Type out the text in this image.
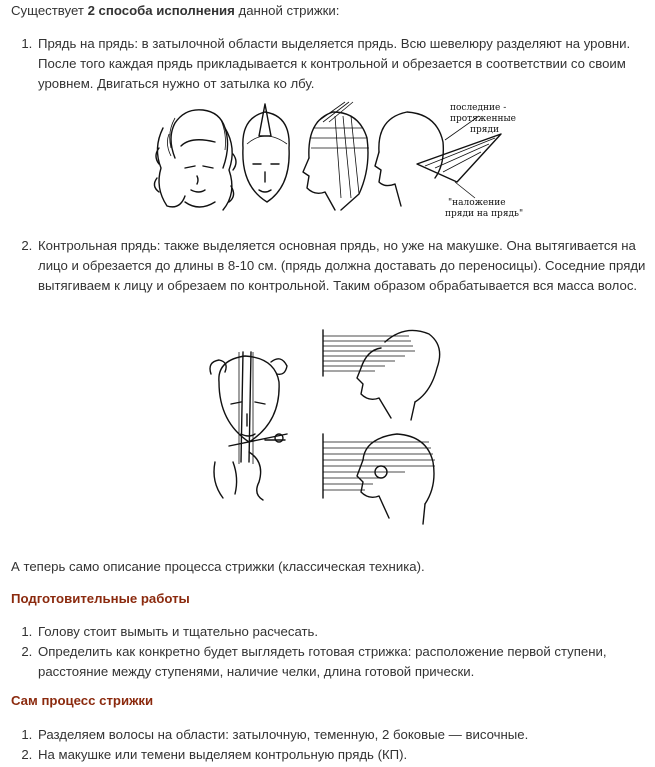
Существует 2 способа исполнения данной стрижки:
1. Прядь на прядь: в затылочной области выделяется прядь. Всю шевелюру разделяют на уровни. После того каждая прядь прикладывается к контрольной и обрезается в соответствии со своим уровнем. Двигаться нужно от затылка ко лбу.
последние -
протяженные
пряди
"наложение
пряди на прядь"
2. Контрольная прядь: также выделяется основная прядь, но уже на макушке. Она вытягивается на лицо и обрезается до длины в 8-10 см. (прядь должна доставать до переносицы). Соседние пряди вытягиваем к лицу и обрезаем по контрольной. Таким образом обрабатывается вся масса волос.
А теперь само описание процесса стрижки (классическая техника).
Подготовительные работы
1. Голову стоит вымыть и тщательно расчесать.
2. Определить как конкретно будет выглядеть готовая стрижка: расположение первой ступени, расстояние между ступенями, наличие челки, длина готовой прически.
Сам процесс стрижки
1. Разделяем волосы на области: затылочную, теменную, 2 боковые — височные.
2. На макушке или темени выделяем контрольную прядь (КП).
